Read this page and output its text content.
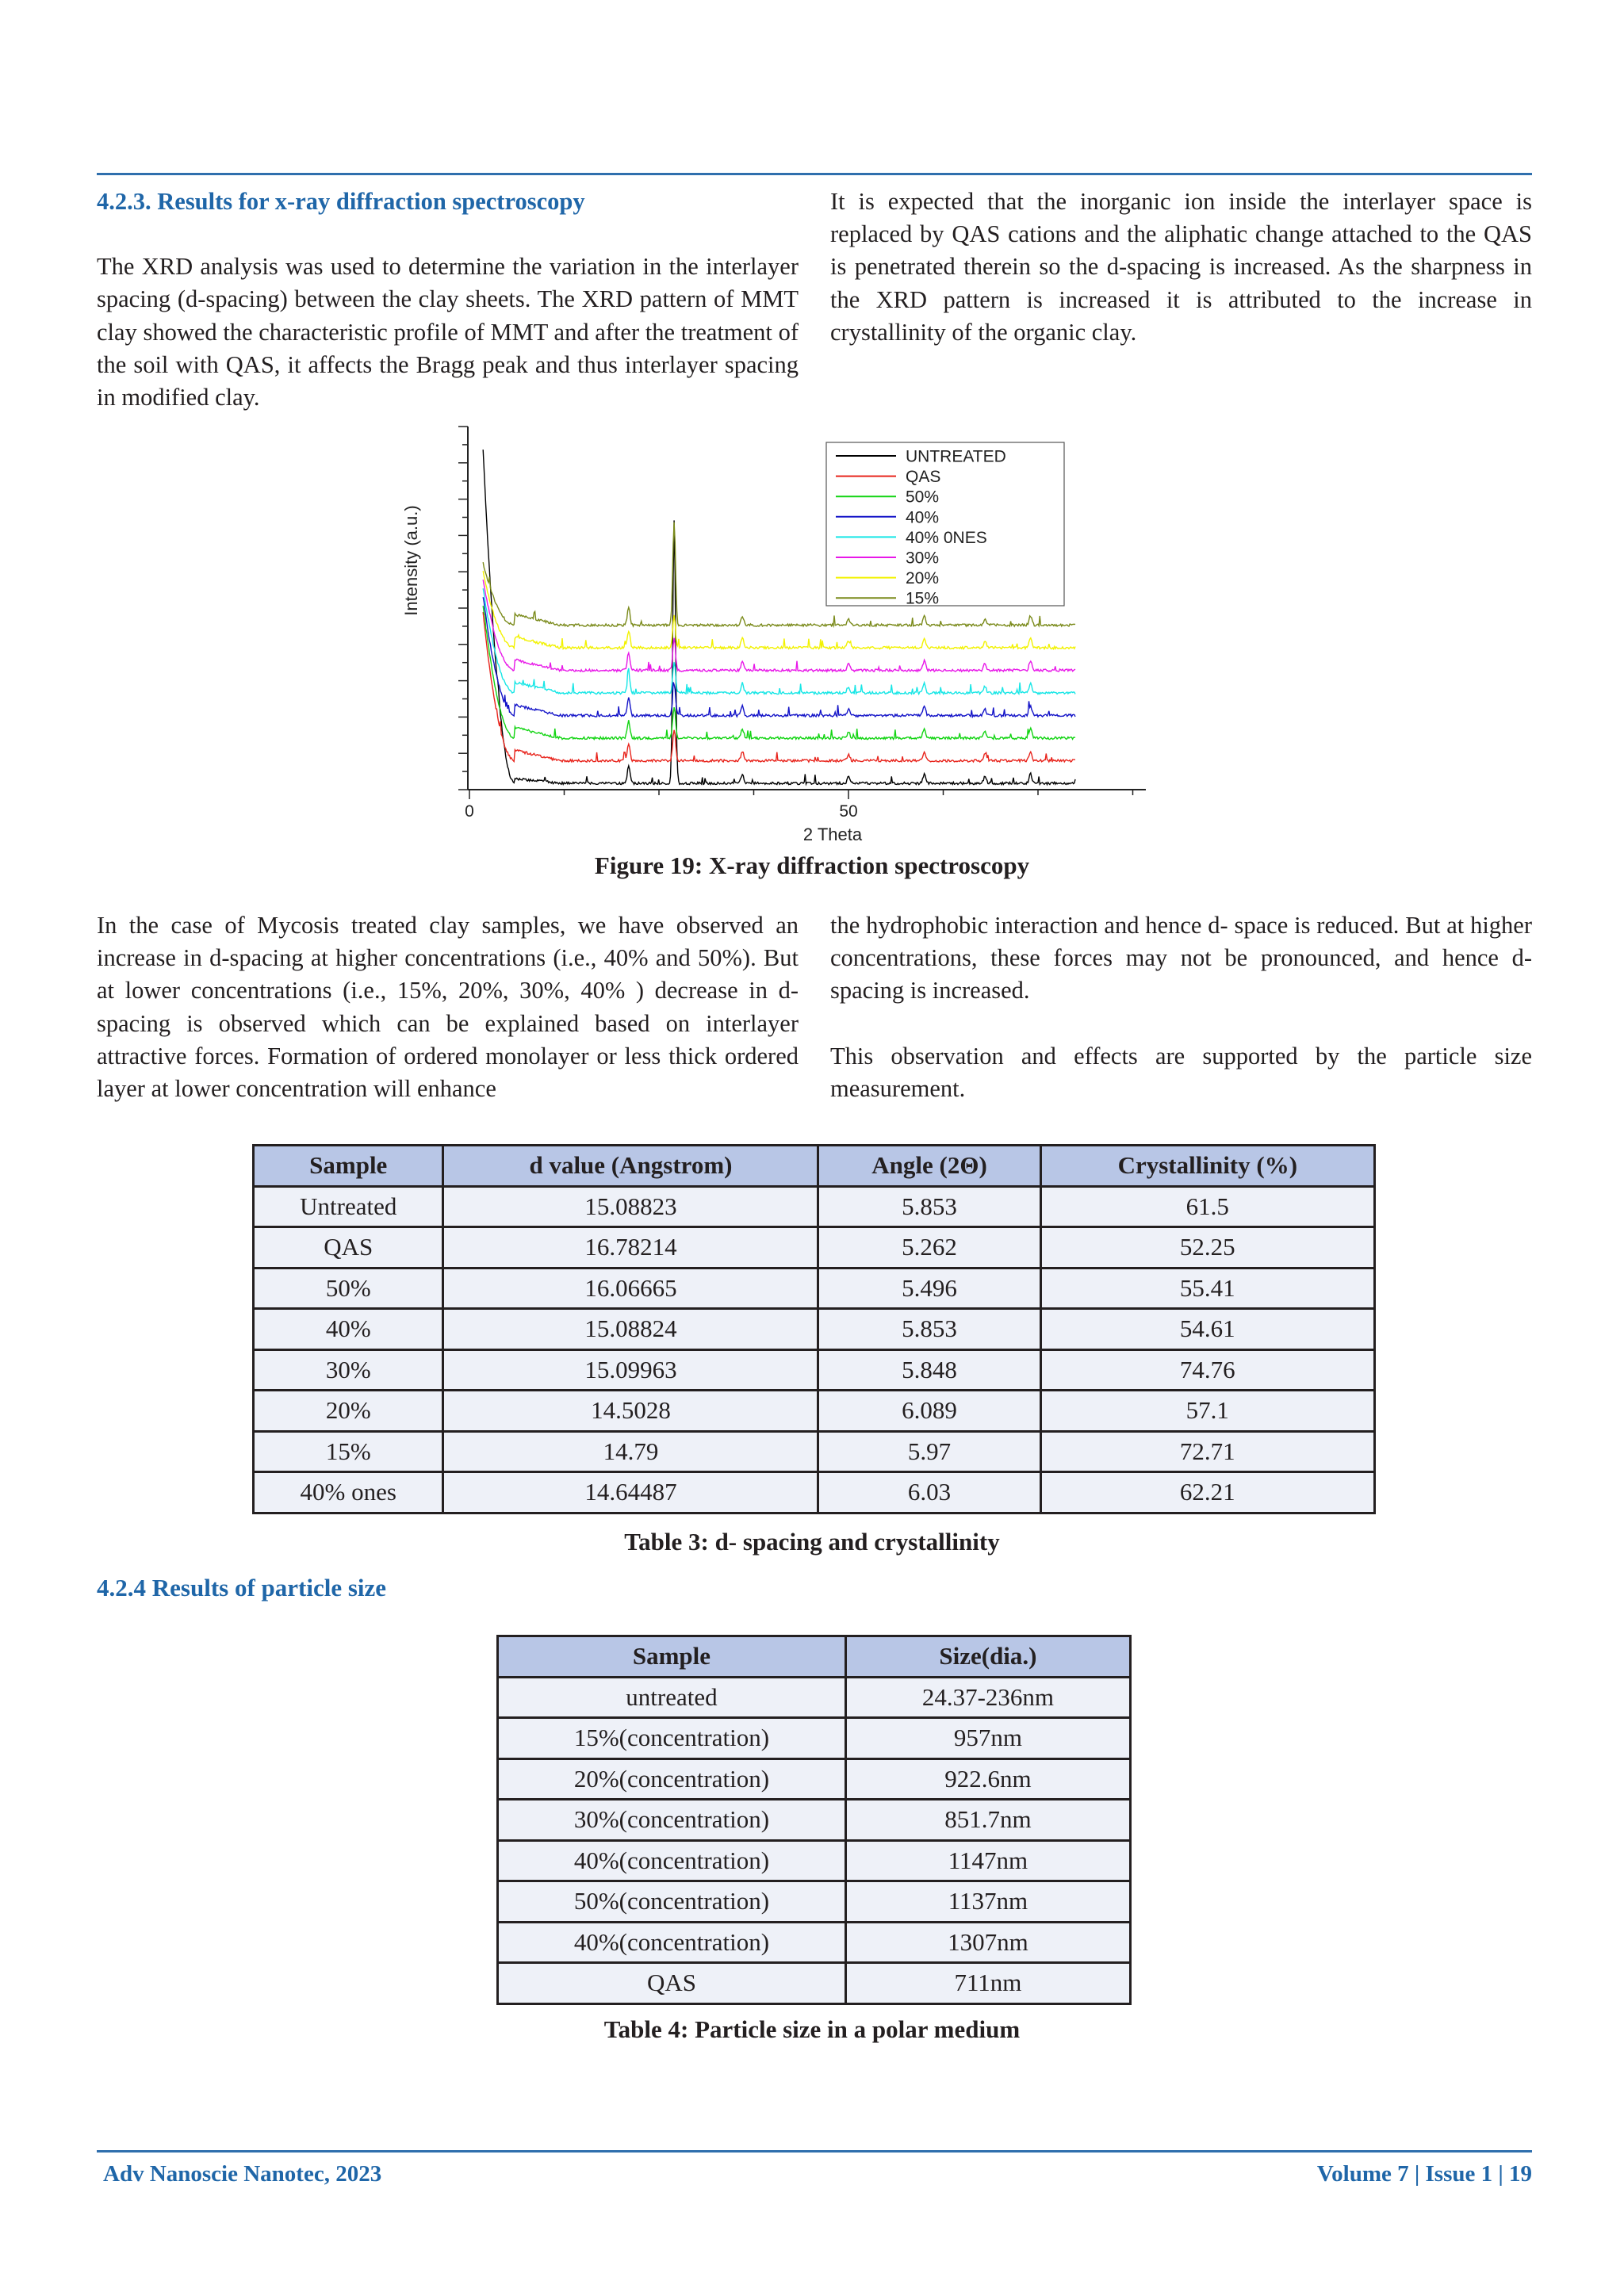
4.2.3. Results for x-ray diffraction spectroscopy

The XRD analysis was used to determine the variation in the interlayer spacing (d-spacing) between the clay sheets. The XRD pattern of MMT clay showed the characteristic profile of MMT and after the treatment of the soil with QAS, it affects the Bragg peak and thus interlayer spacing in modified clay.

It is expected that the inorganic ion inside the interlayer space is replaced by QAS cations and the aliphatic change attached to the QAS is penetrated therein so the d-spacing is increased. As the sharpness in the XRD pattern is increased it is attributed to the increase in crystallinity of the organic clay.

0	50
2 Theta
Intensity (a.u.)
UNTREATED
QAS
50%
40%
40% 0NES
30%
20%
15%
Figure 19: X-ray diffraction spectroscopy

In the case of Mycosis treated clay samples, we have observed an increase in d-spacing at higher concentrations (i.e., 40% and 50%). But at lower concentrations (i.e., 15%, 20%, 30%, 40% ) decrease in d-spacing is observed which can be explained based on interlayer attractive forces. Formation of ordered monolayer or less thick ordered layer at lower concentration will enhance

the hydrophobic interaction and hence d- space is reduced. But at higher concentrations, these forces may not be pronounced, and hence d-spacing is increased.

This observation and effects are supported by the particle size measurement.

Sample	d value (Angstrom)	Angle (2Θ)	Crystallinity (%)
Untreated	15.08823	5.853	61.5
QAS	16.78214	5.262	52.25
50%	16.06665	5.496	55.41
40%	15.08824	5.853	54.61
30%	15.09963	5.848	74.76
20%	14.5028	6.089	57.1
15%	14.79	5.97	72.71
40% ones	14.64487	6.03	62.21
Table 3: d- spacing and crystallinity
4.2.4 Results of particle size
Sample	Size(dia.)
untreated	24.37-236nm
15%(concentration)	957nm
20%(concentration)	922.6nm
30%(concentration)	851.7nm
40%(concentration)	1147nm
50%(concentration)	1137nm
40%(concentration)	1307nm
QAS	711nm
Table 4: Particle size in a polar medium
Adv Nanoscie Nanotec, 2023	Volume 7 | Issue 1 | 19
